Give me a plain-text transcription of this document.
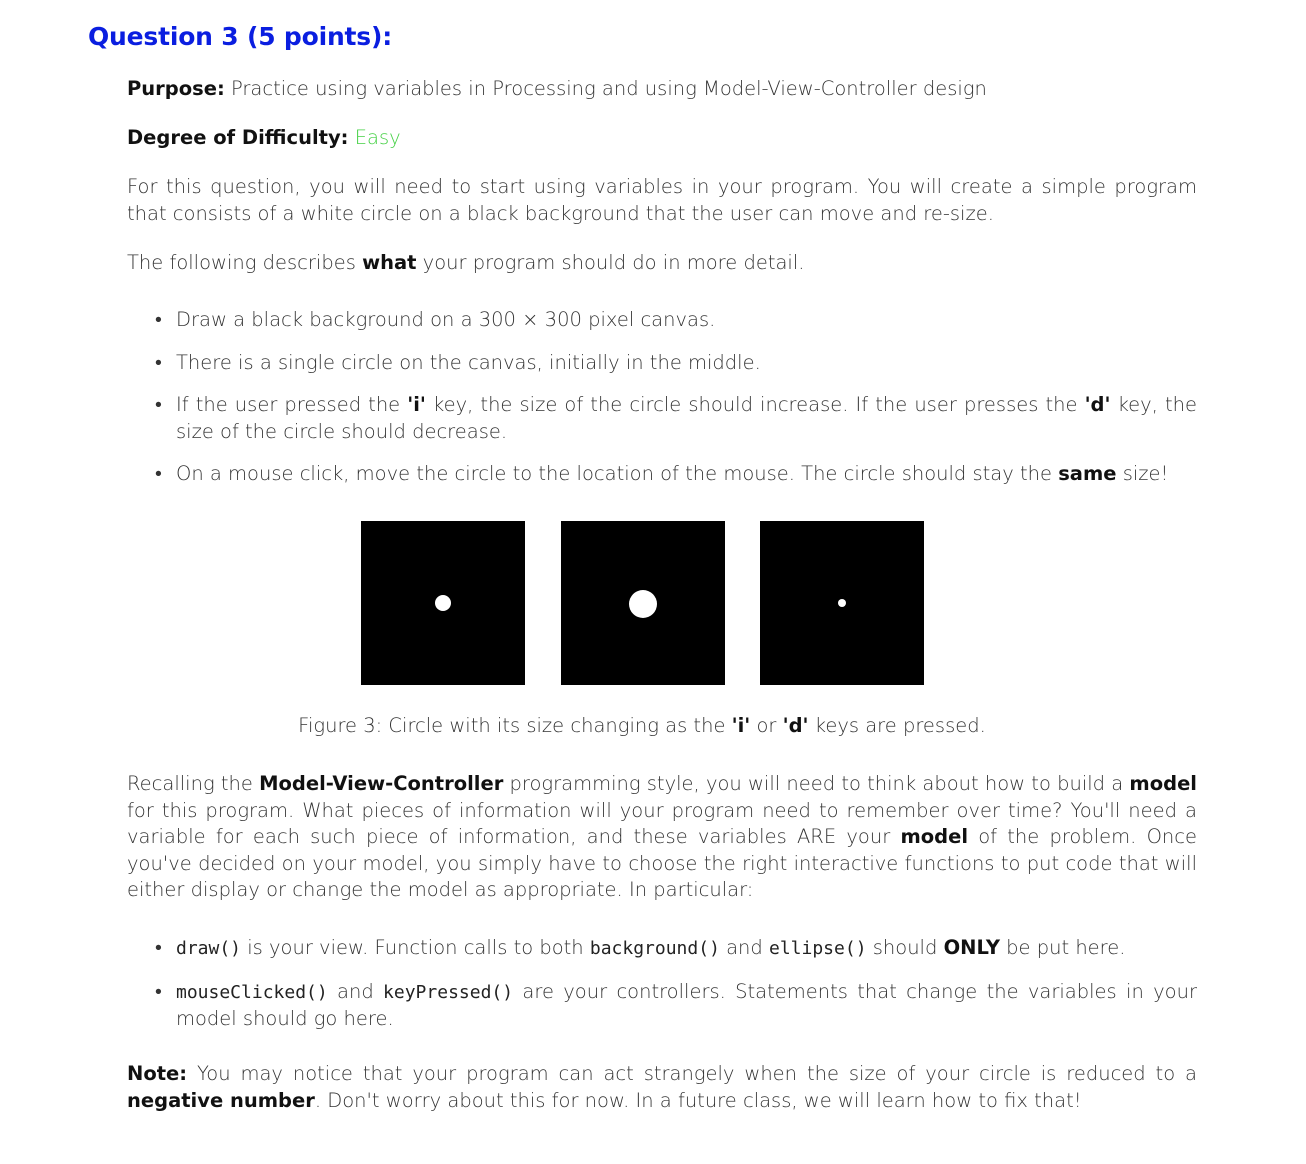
Question 3 (5 points):
Purpose: Practice using variables in Processing and using Model-View-Controller design
Degree of Difficulty: Easy
For this question, you will need to start using variables in your program. You will create a simple program that consists of a white circle on a black background that the user can move and re-size.
The following describes what your program should do in more detail.
• Draw a black background on a 300 × 300 pixel canvas.
• There is a single circle on the canvas, initially in the middle.
• If the user pressed the 'i' key, the size of the circle should increase. If the user presses the 'd' key, the size of the circle should decrease.
• On a mouse click, move the circle to the location of the mouse. The circle should stay the same size!
Figure 3: Circle with its size changing as the 'i' or 'd' keys are pressed.
Recalling the Model-View-Controller programming style, you will need to think about how to build a model for this program. What pieces of information will your program need to remember over time? You'll need a variable for each such piece of information, and these variables ARE your model of the problem. Once you've decided on your model, you simply have to choose the right interactive functions to put code that will either display or change the model as appropriate. In particular:
• draw() is your view. Function calls to both background() and ellipse() should ONLY be put here.
• mouseClicked() and keyPressed() are your controllers. Statements that change the variables in your model should go here.
Note: You may notice that your program can act strangely when the size of your circle is reduced to a negative number. Don't worry about this for now. In a future class, we will learn how to fix that!
